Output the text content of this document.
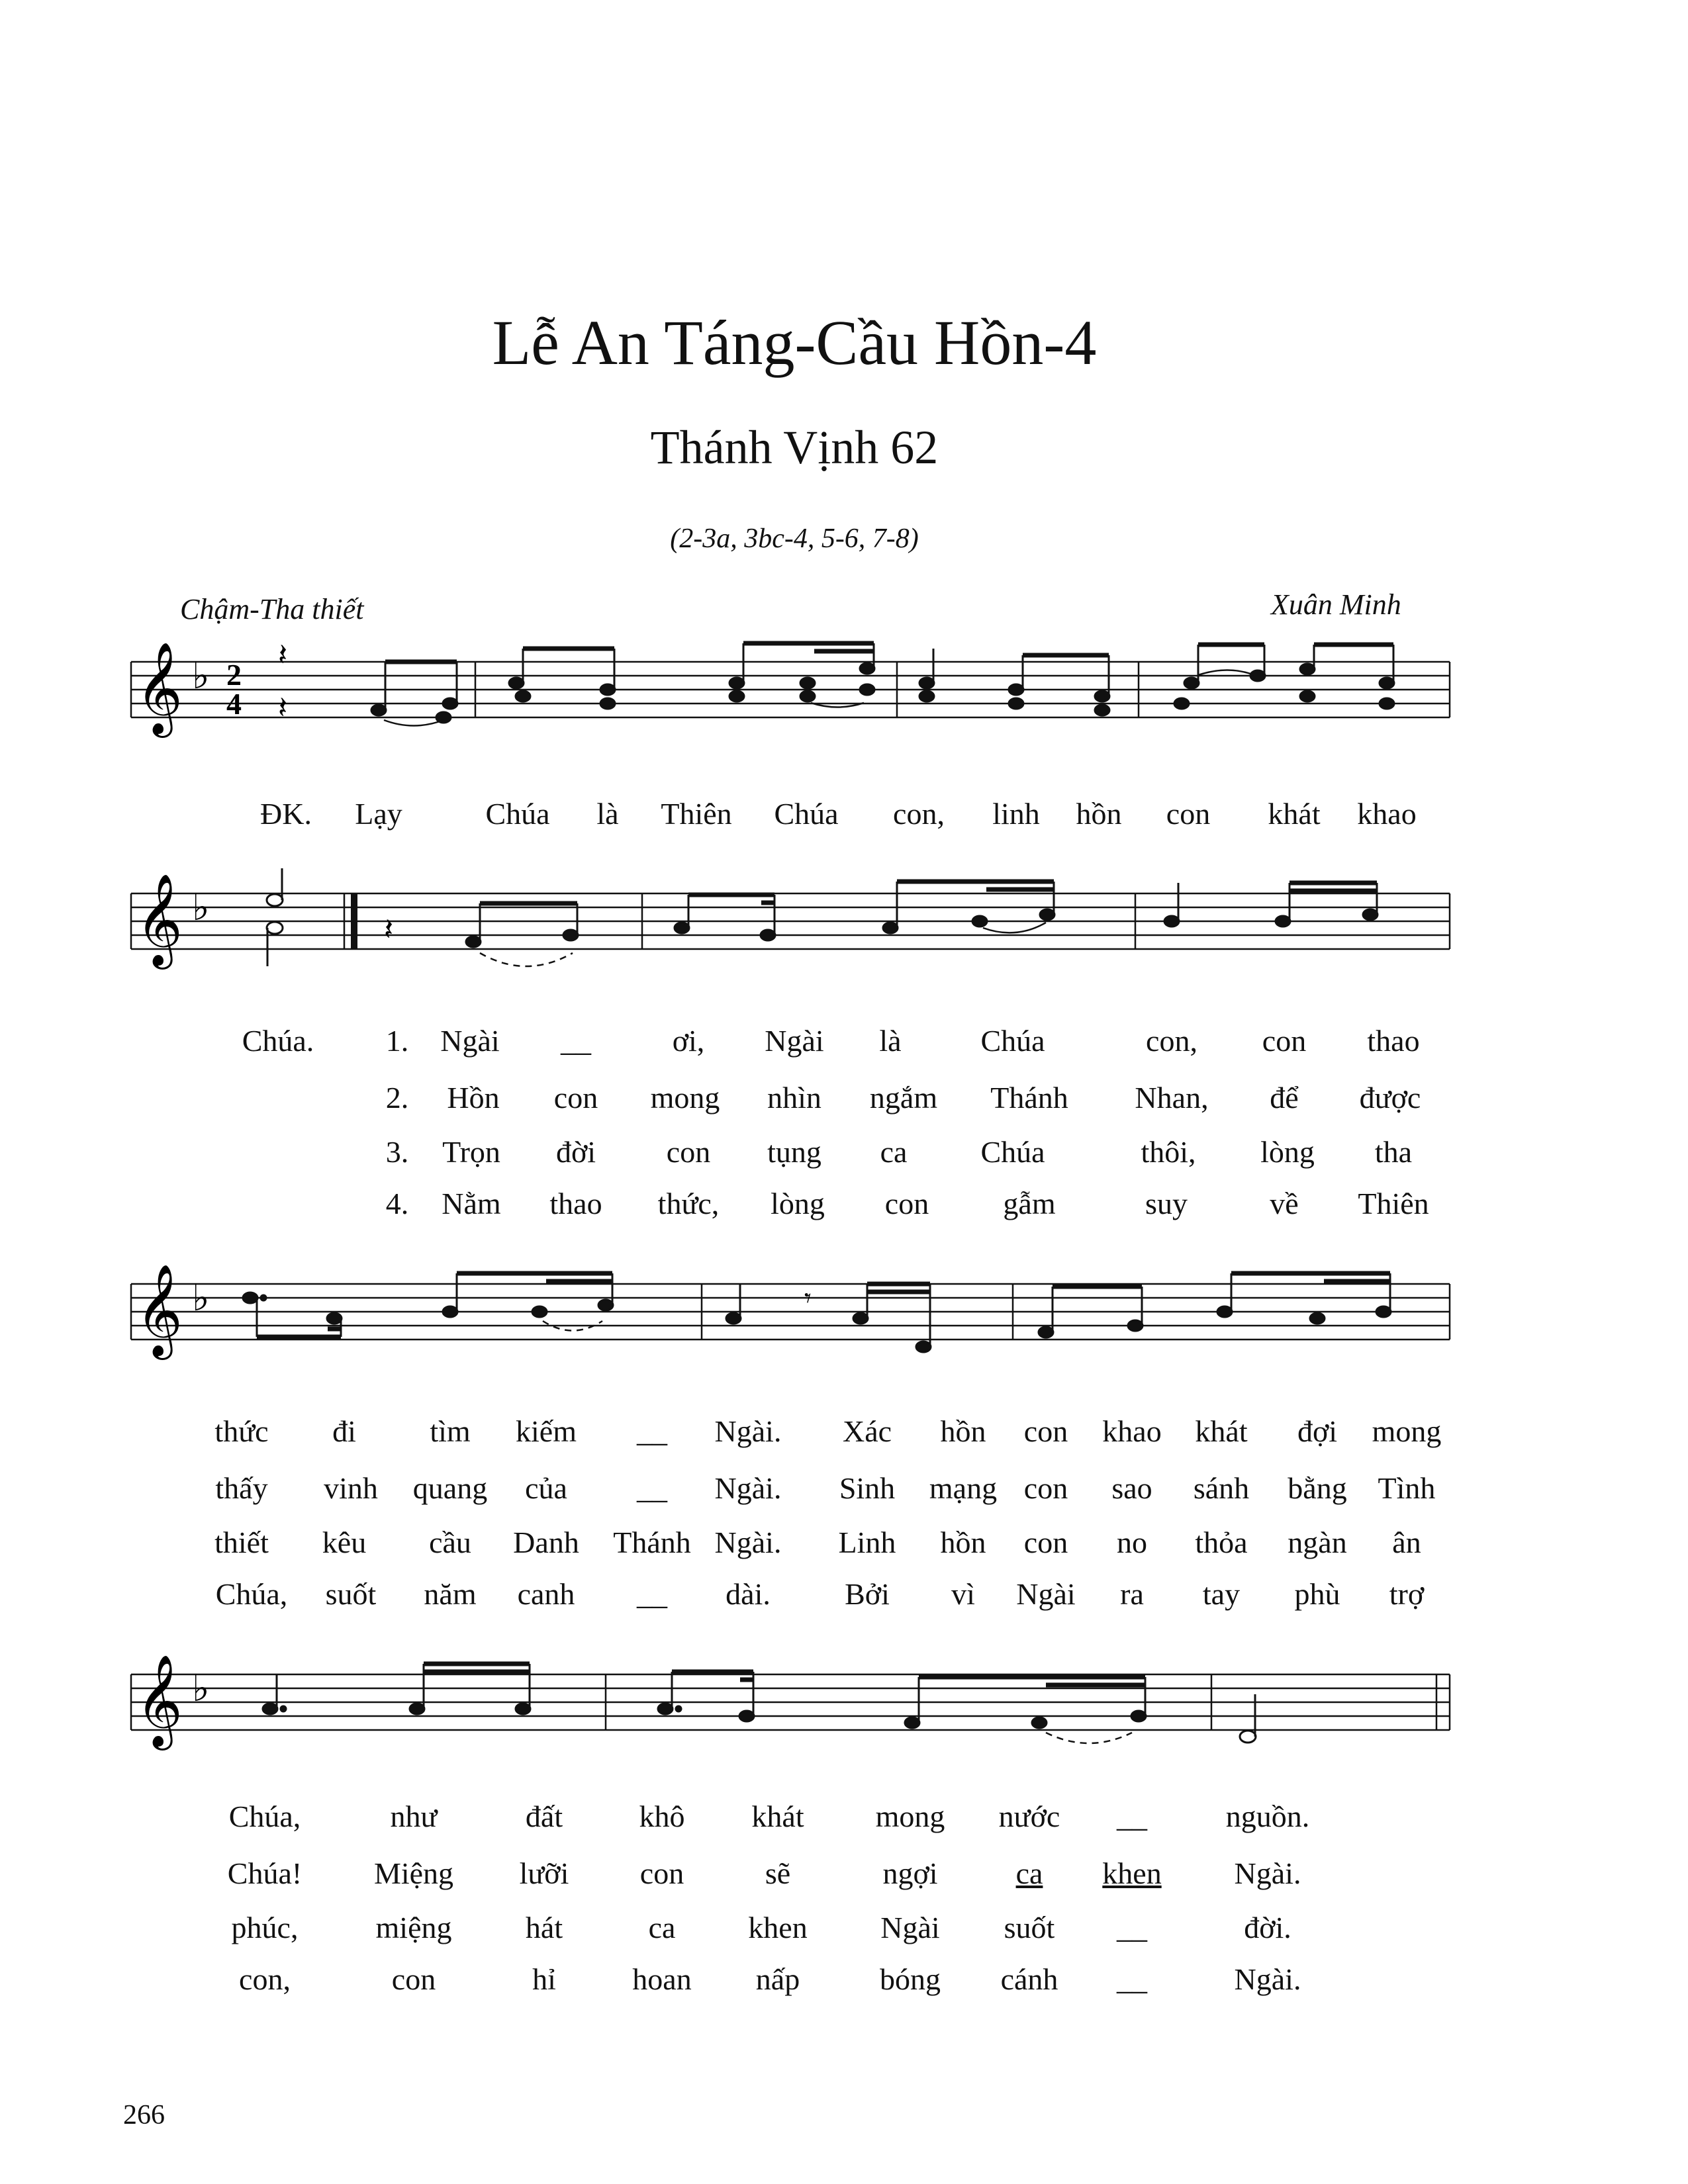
Lễ An Táng-Cầu Hồn-4
Thánh Vịnh 62
(2-3a, 3bc-4, 5-6, 7-8)
Chậm-Tha thiết	Xuân Minh
𝄞 ♭ 2
4
𝄽
𝄽
ĐK. Lạy	Chúa là Thiên Chúa con, linh hồn con khát khao
𝄞 ♭	𝄽
Chúa. 1. Ngài __	ơi, Ngài là	Chúa	con, con thao
2. Hồn con mong nhìn ngắm Thánh Nhan, để được
3. Trọn đời con tụng ca Chúa	thôi, lòng tha
4. Nằm thao thức, lòng con gẫm	suy	về Thiên
𝄞 ♭	𝄾
thức đi tìm kiếm __ Ngài. Xác hồn con khao khát đợi mong
thấy vinh quang của __ Ngài. Sinh mạng con sao sánh bằng Tình
thiết kêu cầu Danh Thánh Ngài. Linh hồn con no thỏa ngàn ân
Chúa, suốt năm canh __ dài. Bởi vì Ngài ra tay phù trợ
𝄞 ♭
Chúa,	như	đất	khô khát mong nước __	nguồn.
Chúa! Miệng lưỡi con	sẽ	ngợi	ca khen Ngài.
phúc,	miệng hát	ca khen Ngài suốt __	đời.
con,	con	hỉ	hoan nấp	bóng cánh __	Ngài.
266
